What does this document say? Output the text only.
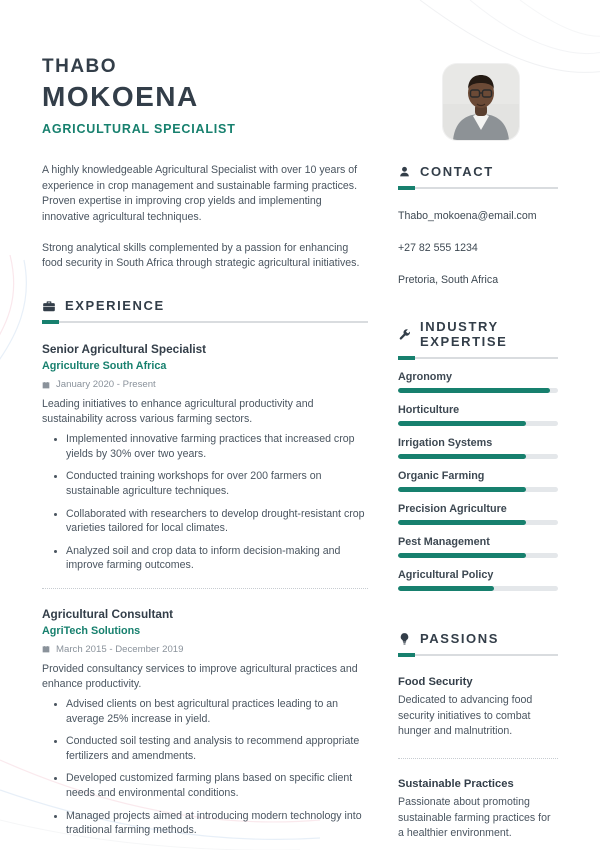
THABO
MOKOENA
AGRICULTURAL SPECIALIST

A highly knowledgeable Agricultural Specialist with over 10 years of experience in crop management and sustainable farming practices. Proven expertise in improving crop yields and implementing innovative agricultural techniques.

Strong analytical skills complemented by a passion for enhancing food security in South Africa through strategic agricultural initiatives.

EXPERIENCE
Senior Agricultural Specialist
Agriculture South Africa
January 2020 - Present
Leading initiatives to enhance agricultural productivity and sustainability across various farming sectors.
• Implemented innovative farming practices that increased crop yields by 30% over two years.
• Conducted training workshops for over 200 farmers on sustainable agriculture techniques.
• Collaborated with researchers to develop drought-resistant crop varieties tailored for local climates.
• Analyzed soil and crop data to inform decision-making and improve farming outcomes.
Agricultural Consultant
AgriTech Solutions
March 2015 - December 2019
Provided consultancy services to improve agricultural practices and enhance productivity.
• Advised clients on best agricultural practices leading to an average 25% increase in yield.
• Conducted soil testing and analysis to recommend appropriate fertilizers and amendments.
• Developed customized farming plans based on specific client needs and environmental conditions.
• Managed projects aimed at introducing modern technology into traditional farming methods.
CONTACT
Thabo_mokoena@email.com
+27 82 555 1234
Pretoria, South Africa
INDUSTRY EXPERTISE
Agronomy
Horticulture
Irrigation Systems
Organic Farming
Precision Agriculture
Pest Management
Agricultural Policy
PASSIONS
Food Security
Dedicated to advancing food security initiatives to combat hunger and malnutrition.
Sustainable Practices
Passionate about promoting sustainable farming practices for a healthier environment.
